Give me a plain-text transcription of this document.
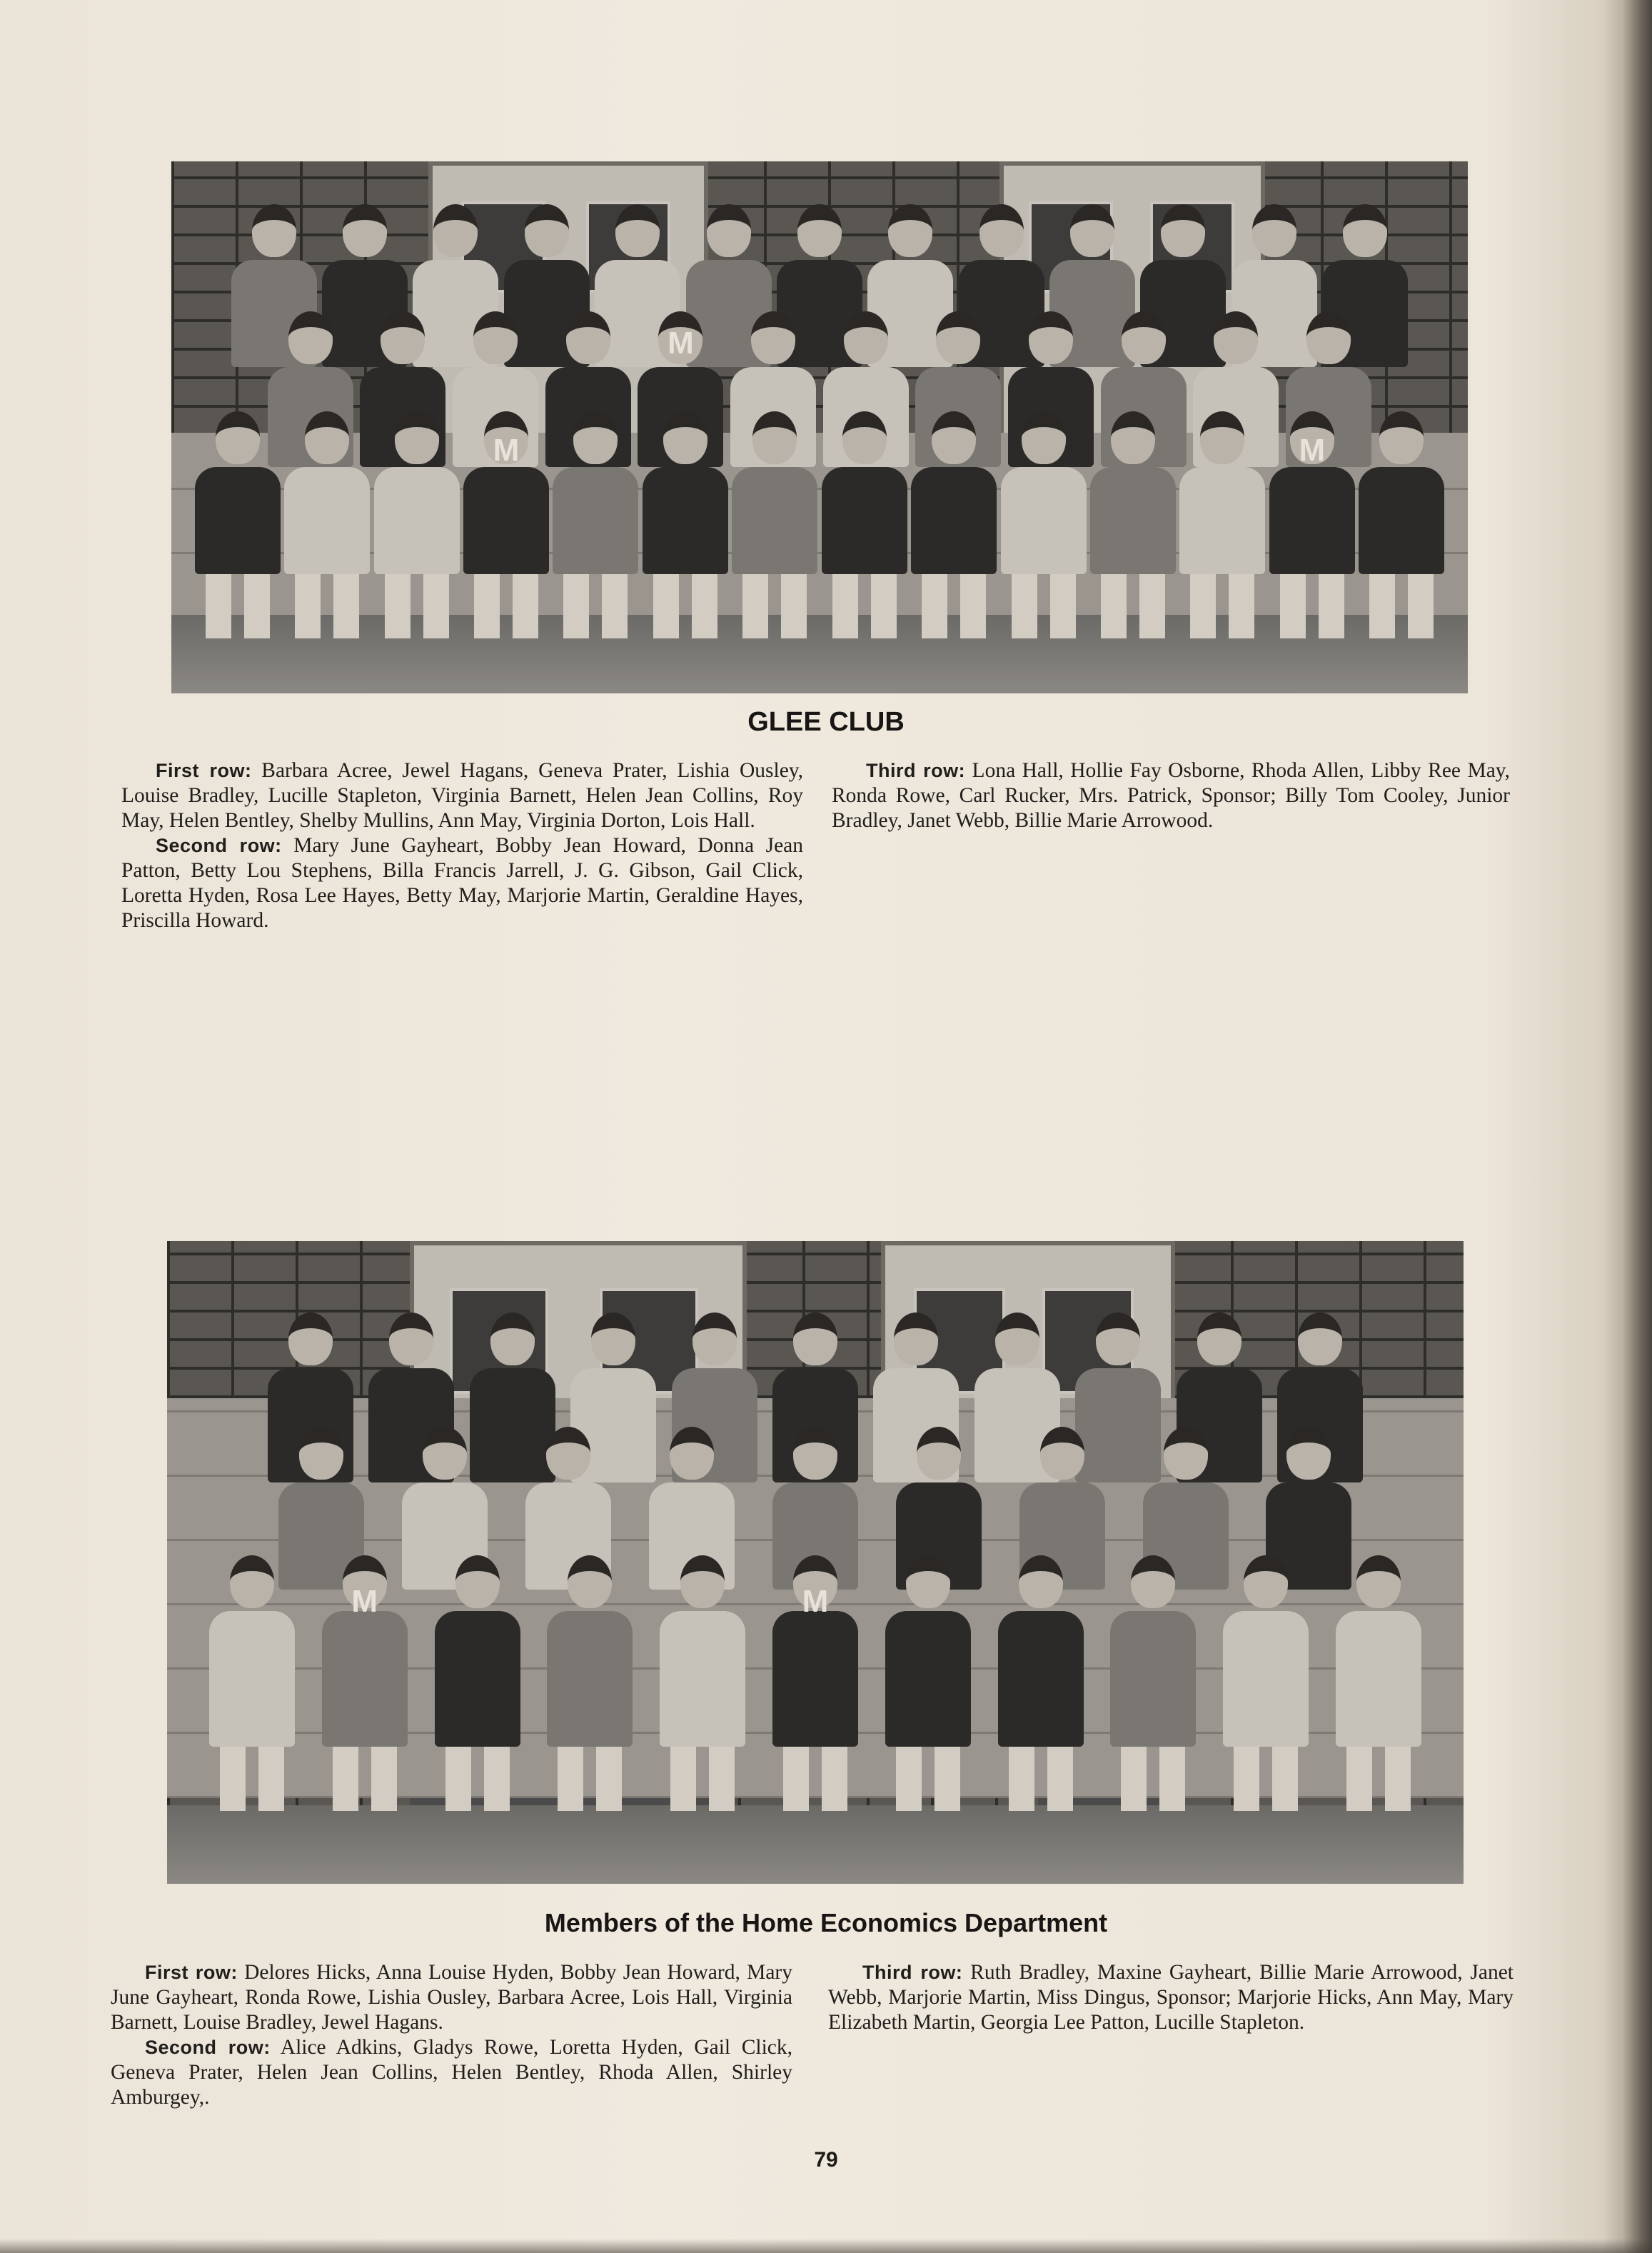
M
M	M
GLEE CLUB

First row: Barbara Acree, Jewel Hagans, Geneva Prater, Lishia Ousley, Louise Bradley, Lucille Stapleton, Virginia Barnett, Helen Jean Collins, Roy May, Helen Bentley, Shelby Mullins, Ann May, Virginia Dorton, Lois Hall.

Second row: Mary June Gayheart, Bobby Jean Howard, Donna Jean Patton, Betty Lou Stephens, Billa Francis Jarrell, J. G. Gibson, Gail Click, Loretta Hyden, Rosa Lee Hayes, Betty May, Marjorie Martin, Geraldine Hayes, Priscilla Howard.

Third row: Lona Hall, Hollie Fay Osborne, Rhoda Allen, Libby Ree May, Ronda Rowe, Carl Rucker, Mrs. Patrick, Sponsor; Billy Tom Cooley, Junior Bradley, Janet Webb, Billie Marie Arrowood.

M	M
Members of the Home Economics Department

First row: Delores Hicks, Anna Louise Hyden, Bobby Jean Howard, Mary June Gayheart, Ronda Rowe, Lishia Ousley, Barbara Acree, Lois Hall, Virginia Barnett, Louise Bradley, Jewel Hagans.

Second row: Alice Adkins, Gladys Rowe, Loretta Hyden, Gail Click, Geneva Prater, Helen Jean Collins, Helen Bentley, Rhoda Allen, Shirley Amburgey,.

Third row: Ruth Bradley, Maxine Gayheart, Billie Marie Arrowood, Janet Webb, Marjorie Martin, Miss Dingus, Sponsor; Marjorie Hicks, Ann May, Mary Elizabeth Martin, Georgia Lee Patton, Lucille Stapleton.

79
